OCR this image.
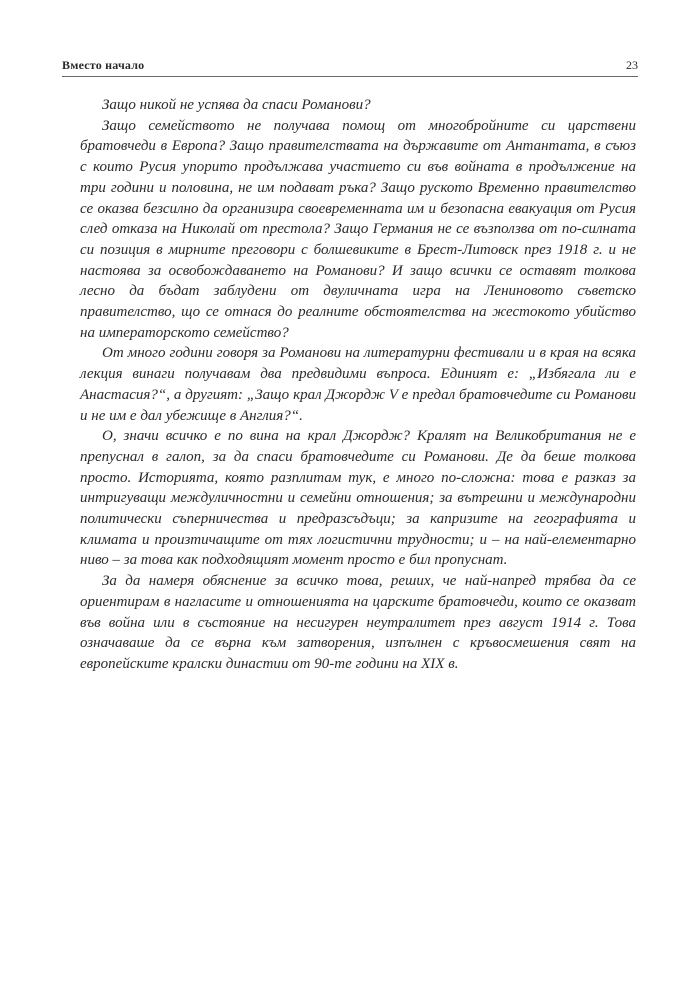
Вместо начало	23

Защо никой не успява да спаси Романови?

Защо семейството не получава помощ от многобройните си царствени братовчеди в Европа? Защо правителствата на държавите от Антантата, в съюз с които Русия упорито продължава участието си във войната в продължение на три години и половина, не им подават ръка? Защо руското Временно правителство се оказва безсилно да организира своевременната им и безопасна евакуация от Русия след отказа на Николай от престола? Защо Германия не се възползва от по-силната си позиция в мирните преговори с болшевиките в Брест-Литовск през 1918 г. и не настоява за освобождаването на Романови? И защо всички се оставят толкова лесно да бъдат заблудени от двуличната игра на Лениновото съветско правителство, що се отнася до реалните обстоятелства на жестокото убийство на императорското семейство?

От много години говоря за Романови на литературни фестивали и в края на всяка лекция винаги получавам два предвидими въпроса. Единият е: „Избягала ли е Анастасия?“, а другият: „Защо крал Джордж V е предал братовчедите си Романови и не им е дал убежище в Англия?“.

О, значи всичко е по вина на крал Джордж? Кралят на Великобритания не е препуснал в галоп, за да спаси братовчедите си Романови. Де да беше толкова просто. Историята, която разплитам тук, е много по-сложна: това е разказ за интригуващи междуличностни и семейни отношения; за вътрешни и международни политически съперничества и предразсъдъци; за капризите на географията и климата и произтичащите от тях логистични трудности; и – на най-елементарно ниво – за това как подходящият момент просто е бил пропуснат.

За да намеря обяснение за всичко това, реших, че най-напред трябва да се ориентирам в нагласите и отношенията на царските братовчеди, които се оказват във война или в състояние на несигурен неутралитет през август 1914 г. Това означаваше да се върна към затворения, изпълнен с кръвосмешения свят на европейските кралски династии от 90-те години на XIX в.
